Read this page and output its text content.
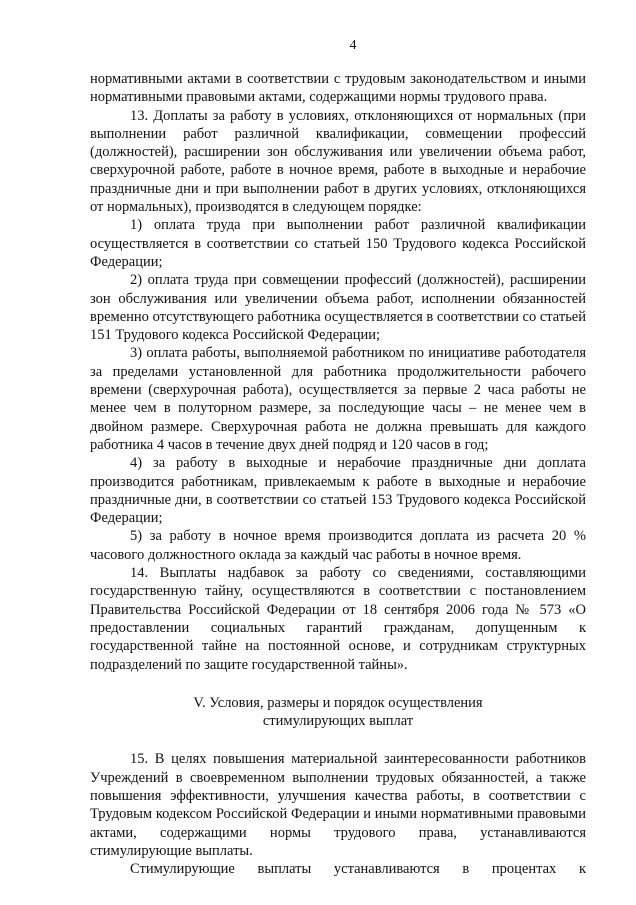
4

нормативными актами в соответствии с трудовым законодательством и иными нормативными правовыми актами, содержащими нормы трудового права.

13. Доплаты за работу в условиях, отклоняющихся от нормальных (при выполнении работ различной квалификации, совмещении профессий (должностей), расширении зон обслуживания или увеличении объема работ, сверхурочной работе, работе в ночное время, работе в выходные и нерабочие праздничные дни и при выполнении работ в других условиях, отклоняющихся от нормальных), производятся в следующем порядке:

1) оплата труда при выполнении работ различной квалификации осуществляется в соответствии со статьей 150 Трудового кодекса Российской Федерации;

2) оплата труда при совмещении профессий (должностей), расширении зон обслуживания или увеличении объема работ, исполнении обязанностей временно отсутствующего работника осуществляется в соответствии со статьей 151 Трудового кодекса Российской Федерации;

3) оплата работы, выполняемой работником по инициативе работодателя за пределами установленной для работника продолжительности рабочего времени (сверхурочная работа), осуществляется за первые 2 часа работы не менее чем в полуторном размере, за последующие часы – не менее чем в двойном размере. Сверхурочная работа не должна превышать для каждого работника 4 часов в течение двух дней подряд и 120 часов в год;

4) за работу в выходные и нерабочие праздничные дни доплата производится работникам, привлекаемым к работе в выходные и нерабочие праздничные дни, в соответствии со статьей 153 Трудового кодекса Российской Федерации;

5) за работу в ночное время производится доплата из расчета 20 % часового должностного оклада за каждый час работы в ночное время.

14. Выплаты надбавок за работу со сведениями, составляющими государственную тайну, осуществляются в соответствии с постановлением Правительства Российской Федерации от 18 сентября 2006 года № 573 «О предоставлении социальных гарантий гражданам, допущенным к государственной тайне на постоянной основе, и сотрудникам структурных подразделений по защите государственной тайны».

V. Условия, размеры и порядок осуществления
стимулирующих выплат

15. В целях повышения материальной заинтересованности работников Учреждений в своевременном выполнении трудовых обязанностей, а также повышения эффективности, улучшения качества работы, в соответствии с Трудовым кодексом Российской Федерации и иными нормативными правовыми актами, содержащими нормы трудового права, устанавливаются стимулирующие выплаты.

Стимулирующие выплаты устанавливаются в процентах к
